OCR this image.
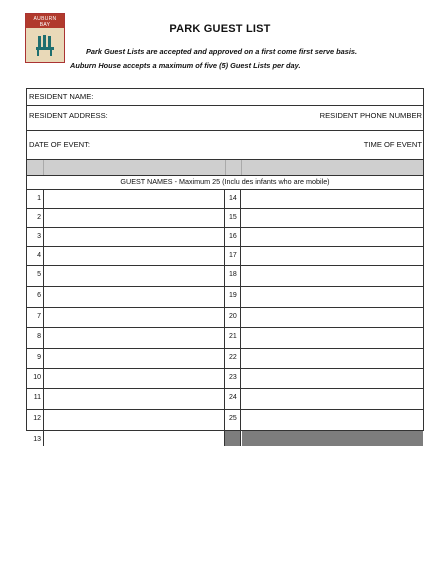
AUBURN
BAY	PARK GUEST LIST
Park Guest Lists are accepted and approved on a first come first serve basis.
Auburn House accepts a maximum of five (5) Guest Lists per day.
RESIDENT NAME:
RESIDENT ADDRESS:	RESIDENT PHONE NUMBER
DATE OF EVENT:	TIME OF EVENT
GUEST NAMES - Maximum 25 (Inclu des infants who are mobile)
1	14
2	15
3	16
4	17
5	18
6	19
7	20
8	21
9	22
10	23
11	24
12	25
13
